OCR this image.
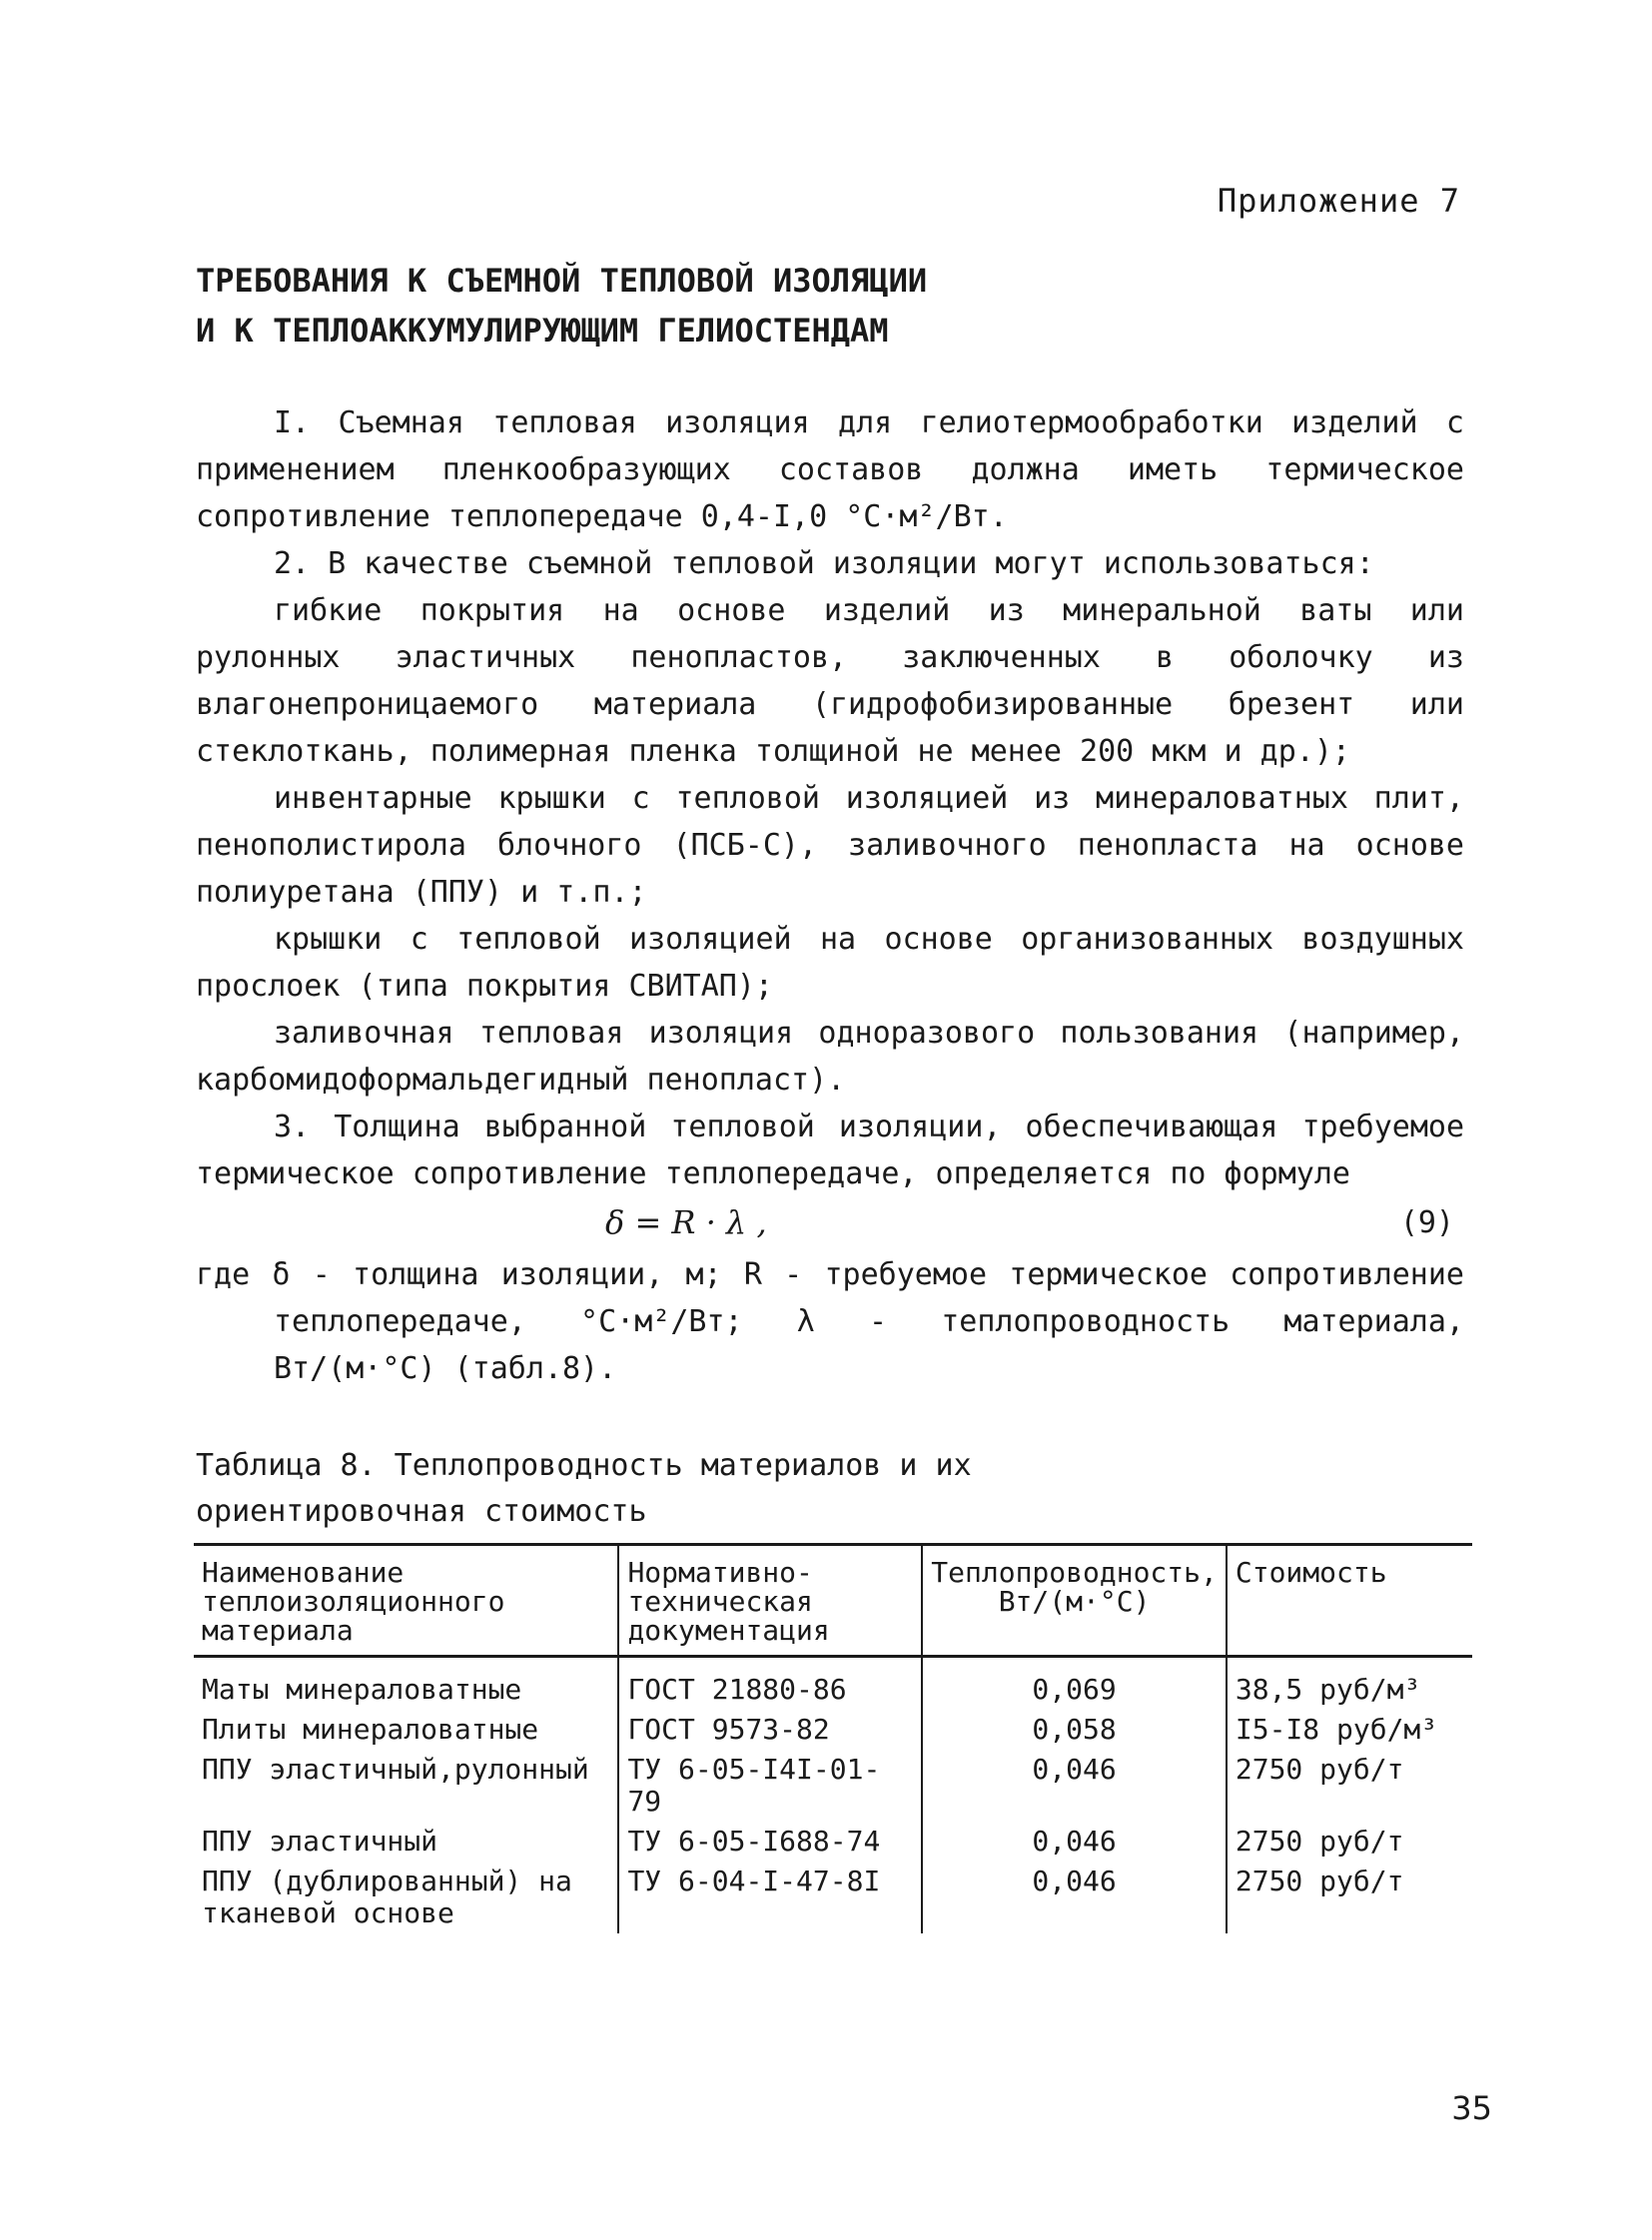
Приложение 7
ТРЕБОВАНИЯ К СЪЕМНОЙ ТЕПЛОВОЙ ИЗОЛЯЦИИ
И К ТЕПЛОАККУМУЛИРУЮЩИМ ГЕЛИОСТЕНДАМ

I. Съемная тепловая изоляция для гелиотермообработки изделий с применением пленкообразующих составов должна иметь термическое сопротивление теплопередаче 0,4-I,0 °С·м²/Вт.

2. В качестве съемной тепловой изоляции могут использоваться:

гибкие покрытия на основе изделий из минеральной ваты или рулонных эластичных пенопластов, заключенных в оболочку из влагонепроницаемого материала (гидрофобизированные брезент или стеклоткань, полимерная пленка толщиной не менее 200 мкм и др.);

инвентарные крышки с тепловой изоляцией из минераловатных плит, пенополистирола блочного (ПСБ-С), заливочного пенопласта на основе полиуретана (ППУ) и т.п.;

крышки с тепловой изоляцией на основе организованных воздушных прослоек (типа покрытия СВИТАП);

заливочная тепловая изоляция одноразового пользования (например, карбомидоформальдегидный пенопласт).

3. Толщина выбранной тепловой изоляции, обеспечивающая требуемое термическое сопротивление теплопередаче, определяется по формуле

δ = R · λ ,	(9)

где δ - толщина изоляции, м; R - требуемое термическое сопротивление теплопередаче, °С·м²/Вт; λ - теплопроводность материала, Вт/(м·°С) (табл.8).

Таблица 8. Теплопроводность материалов и их
ориентировочная стоимость
Наименование теплоизоляционного материала	Нормативно-техническая документация	Теплопроводность, Вт/(м·°С)	Стоимость
Маты минераловатные	ГОСТ 21880-86	0,069	38,5 руб/м³
Плиты минераловатные	ГОСТ 9573-82	0,058	I5-I8 руб/м³
ППУ эластичный,рулонный	ТУ 6-05-I4I-01-79	0,046	2750 руб/т
ППУ эластичный	ТУ 6-05-I688-74	0,046	2750 руб/т
ППУ (дублированный) на тканевой основе	ТУ 6-04-I-47-8I	0,046	2750 руб/т
35
